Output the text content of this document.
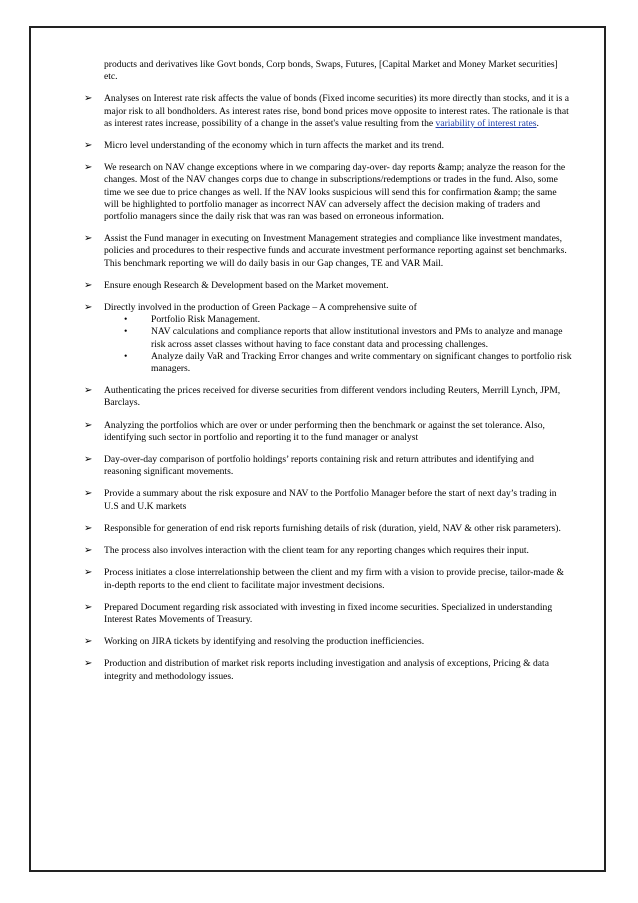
products and derivatives like Govt bonds, Corp bonds, Swaps, Futures, [Capital Market and Money Market securities] etc.

➢	Analyses on Interest rate risk affects the value of bonds (Fixed income securities) its more directly than stocks, and it is a major risk to all bondholders. As interest rates rise, bond bond prices move opposite to interest rates. The rationale is that as interest rates increase, possibility of a change in the asset's value resulting from the variability of interest rates.
➢	Micro level understanding of the economy which in turn affects the market and its trend.
➢	We research on NAV change exceptions where in we comparing day-over- day reports &amp; analyze the reason for the changes. Most of the NAV changes corps due to change in subscriptions/redemptions or trades in the fund. Also, some time we see due to price changes as well. If the NAV looks suspicious will send this for confirmation &amp; the same will be highlighted to portfolio manager as incorrect NAV can adversely affect the decision making of traders and portfolio managers since the daily risk that was ran was based on erroneous information.
➢	Assist the Fund manager in executing on Investment Management strategies and compliance like investment mandates, policies and procedures to their respective funds and accurate investment performance reporting against set benchmarks. This benchmark reporting we will do daily basis in our Gap changes, TE and VAR Mail.
➢	Ensure enough Research & Development based on the Market movement.
➢	Directly involved in the production of Green Package – A comprehensive suite of
• Portfolio Risk Management.
• NAV calculations and compliance reports that allow institutional investors and PMs to analyze and manage risk across asset classes without having to face constant data and processing challenges.
• Analyze daily VaR and Tracking Error changes and write commentary on significant changes to portfolio risk managers.
➢	Authenticating the prices received for diverse securities from different vendors including Reuters, Merrill Lynch, JPM, Barclays.
➢	Analyzing the portfolios which are over or under performing then the benchmark or against the set tolerance. Also, identifying such sector in portfolio and reporting it to the fund manager or analyst
➢	Day-over-day comparison of portfolio holdings’ reports containing risk and return attributes and identifying and reasoning significant movements.
➢	Provide a summary about the risk exposure and NAV to the Portfolio Manager before the start of next day’s trading in U.S and U.K markets
➢	Responsible for generation of end risk reports furnishing details of risk (duration, yield, NAV & other risk parameters).
➢	The process also involves interaction with the client team for any reporting changes which requires their input.
➢	Process initiates a close interrelationship between the client and my firm with a vision to provide precise, tailor-made & in-depth reports to the end client to facilitate major investment decisions.
➢	Prepared Document regarding risk associated with investing in fixed income securities. Specialized in understanding Interest Rates Movements of Treasury.
➢	Working on JIRA tickets by identifying and resolving the production inefficiencies.
➢	Production and distribution of market risk reports including investigation and analysis of exceptions, Pricing & data integrity and methodology issues.
